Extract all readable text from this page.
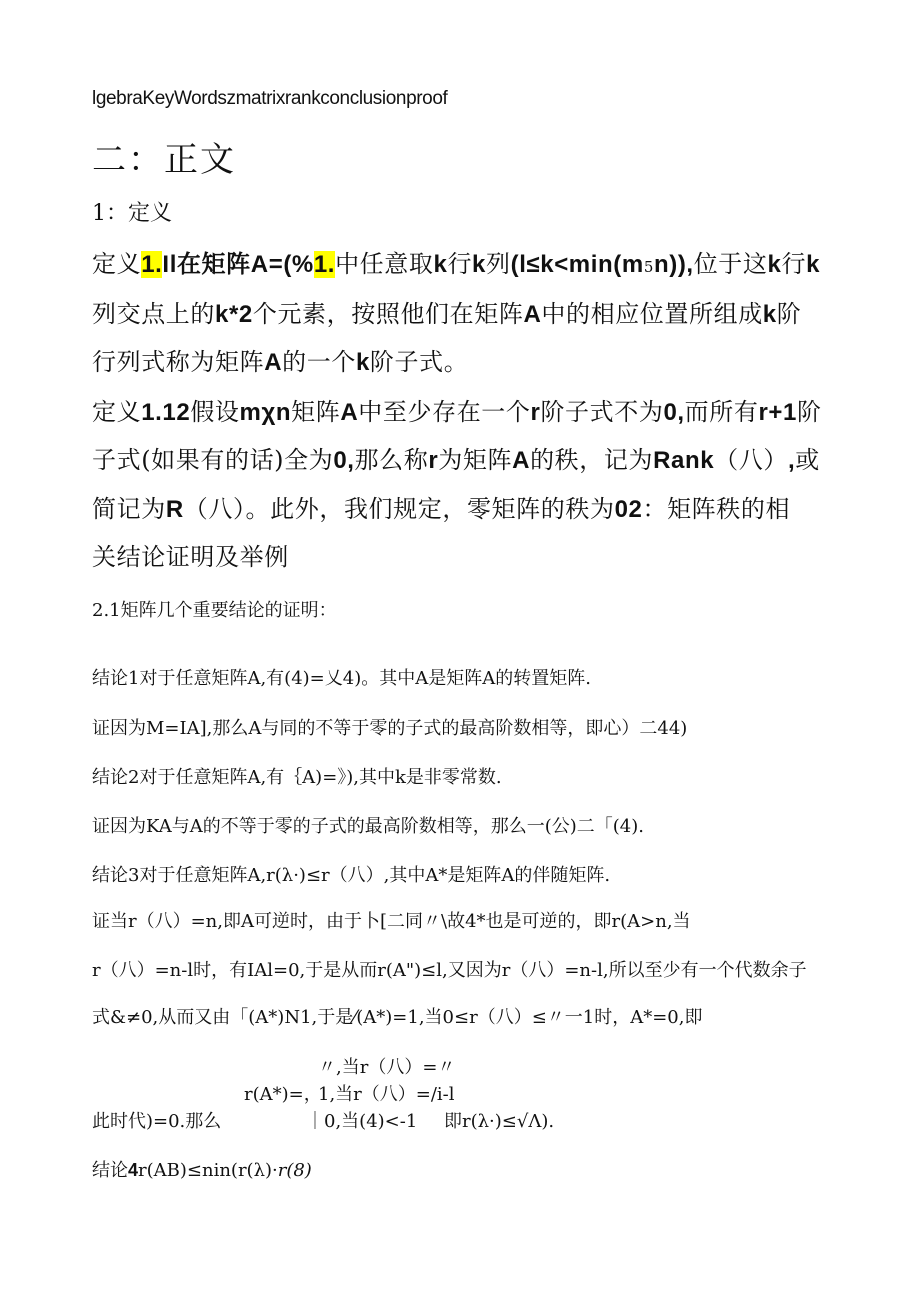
lgebraKeyWordszmatrixrankconclusionproof
二：正文
1：定义
定义1.Il在矩阵A=(%1.中任意取k行k列(l≤k<min(m5n)),位于这k行k
列交点上的k*2个元素，按照他们在矩阵A中的相应位置所组成k阶
行列式称为矩阵A的一个k阶子式。
定义1.12假设mχn矩阵A中至少存在一个r阶子式不为0,而所有r+1阶
子式(如果有的话)全为0,那么称r为矩阵A的秩，记为Rank（八）,或
简记为R（八）。此外，我们规定，零矩阵的秩为02：矩阵秩的相
关结论证明及举例
2.1矩阵几个重要结论的证明：
结论1对于任意矩阵A,有(4)=乂4)。其中A是矩阵A的转置矩阵.
证因为M=IA],那么A与同的不等于零的子式的最高阶数相等，即心）二44)
结论2对于任意矩阵A,有｛A)=》),其中k是非零常数.
证因为KA与A的不等于零的子式的最高阶数相等，那么一(公)二「(4).
结论3对于任意矩阵A,r(λ·)≤r（八）,其中A*是矩阵A的伴随矩阵.
证当r（八）=n,即A可逆时，由于卜[二同〃\故4*也是可逆的，即r(A>n,当
r（八）=n-l时，有IAl=0,于是从而r(A")≤l,又因为r（八）=n-l,所以至少有一个代数余子
式&≠0,从而又由「(A*)N1,于是⁄(A*)=1,当0≤r（八）≤〃一1时，A*=0,即
〃,当r（八）=〃
r(A*)=，
1,当r（八）=/i-l
此时代)=0.那么	｜0,当(4)<-1 即r(λ·)≤√Λ).
结论4r(AB)≤nin(r(λ)·r(8)
